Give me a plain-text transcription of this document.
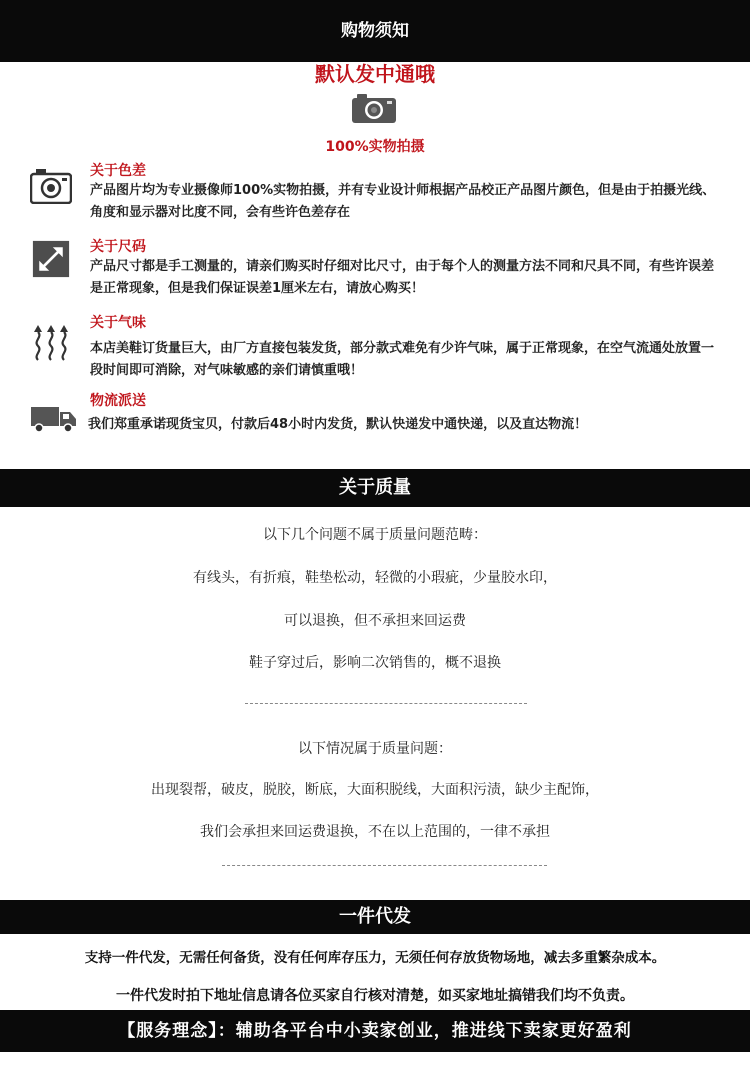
购物须知
默认发中通哦
100%实物拍摄
关于色差
产品图片均为专业摄像师100%实物拍摄，并有专业设计师根据产品校正产品图片颜色，但是由于拍摄光线、角度和显示器对比度不同，会有些许色差存在
关于尺码
产品尺寸都是手工测量的，请亲们购买时仔细对比尺寸，由于每个人的测量方法不同和尺具不同，有些许误差是正常现象，但是我们保证误差1厘米左右，请放心购买！
关于气味
本店美鞋订货量巨大，由厂方直接包装发货，部分款式难免有少许气味，属于正常现象，在空气流通处放置一段时间即可消除，对气味敏感的亲们请慎重哦！
物流派送
我们郑重承诺现货宝贝，付款后48小时内发货，默认快递发中通快递，以及直达物流！
关于质量
以下几个问题不属于质量问题范畴：
有线头，有折痕，鞋垫松动，轻微的小瑕疵，少量胶水印，
可以退换，但不承担来回运费
鞋子穿过后，影响二次销售的，概不退换
以下情况属于质量问题：
出现裂帮，破皮，脱胶，断底，大面积脱线，大面积污渍，缺少主配饰，
我们会承担来回运费退换，不在以上范围的，一律不承担
一件代发
支持一件代发，无需任何备货，没有任何库存压力，无须任何存放货物场地，减去多重繁杂成本。
一件代发时拍下地址信息请各位买家自行核对清楚，如买家地址搞错我们均不负责。
【服务理念】：辅助各平台中小卖家创业，推进线下卖家更好盈利
